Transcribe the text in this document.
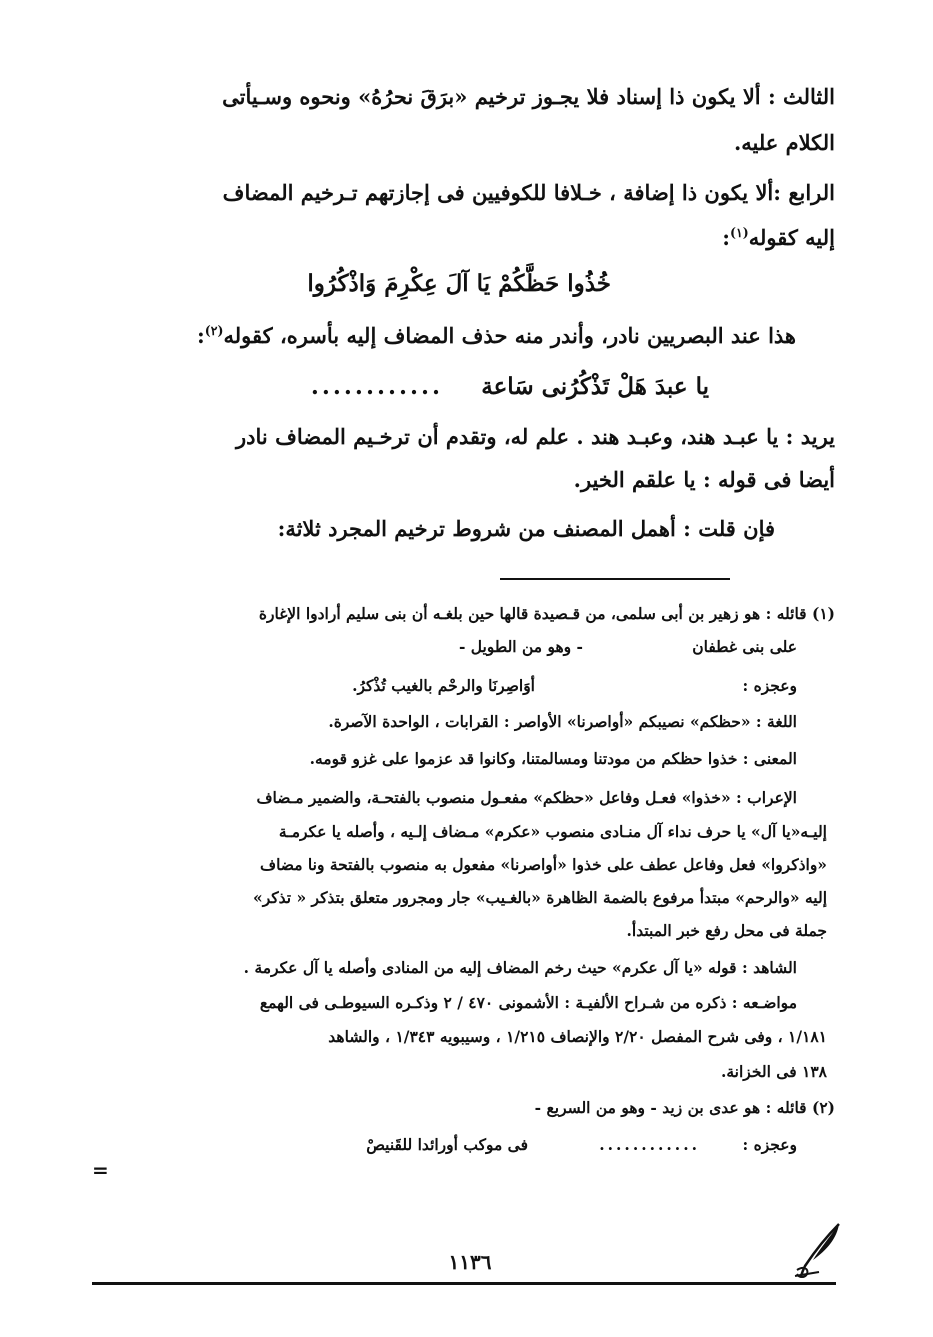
الثالث : ألا يكون ذا إسناد فلا يجـوز ترخيم «برَقَ نحرُهُ» ونحوه وسـيأتى
الكلام عليه.
الرابع :ألا يكون ذا إضافة ، خـلافا للكوفيين فى إجازتهم تـرخيم المضاف
إليه كقوله$^{(١)}$:
خُذُوا حَظَّكُمْ يَا آلَ عِكْرِمَ وَاذْكُرُوا
هذا عند البصريين نادر، وأندر منه حذف المضاف إليه بأسره، كقوله$^{(٢)}$:
يا عبدَ هَلْ تَذْكُرُنى سَاعة
............
يريد : يا عبـد هند، وعبـد هند . علم له، وتقدم أن ترخـيم المضاف نادر
أيضا فى قوله : يا علقم الخير.
فإن قلت : أهمل المصنف من شروط ترخيم المجرد ثلاثة:
(١) قائله : هو زهير بن أبى سلمى، من قـصيدة قالها حين بلغـه أن بنى سليم أرادوا الإغارة
على بنى غطفان
- وهو من الطويل -
وعجزه :
أوَاصِرنَا والرحْم بالغيب تُذْكرُ.
اللغة : «حظكم» نصيبكم «أواصرنا» الأواصر : القرابات ، الواحدة الآصرة.
المعنى : خذوا حظكم من مودتنا ومسالمتنا، وكانوا قد عزموا على غزو قومه.
الإعراب : «خذوا» فعـل وفاعل «حظكم» مفعـول منصوب بالفتحـة، والضمير مـضاف
إليـه«يا آل» يا حرف نداء آل منـادى منصوب «عكرم» مـضاف إلـيه ، وأصله يا عكرمـة
«واذكروا» فعل وفاعل عطف على خذوا «أواصرنا» مفعول به منصوب بالفتحة ونا مضاف
إليه «والرحم» مبتدأ مرفوع بالضمة الظاهرة «بالغـيب» جار ومجرور متعلق بتذكر « تذكر»
جملة فى محل رفع خبر المبتدأ.
الشاهد : قوله «يا آل عكرم» حيث رخم المضاف إليه من المنادى وأصله يا آل عكرمة .
مواضـعه : ذكره من شـراح الألفيـة : الأشمونى ٤٧٠ / ٢ وذكـره السيوطـى فى الهمع
١/١٨١ ، وفى شرح المفصل ٢/٢٠ والإنصاف ١/٢١٥ ، وسيبويه ١/٣٤٣ ، والشاهد
١٣٨ فى الخزانة.
(٢) قائله : هو عدى بن زيد - وهو من السريع -
وعجزه :
............
فى موكب أورائدا للقَنيصْ
=
١١٣٦
